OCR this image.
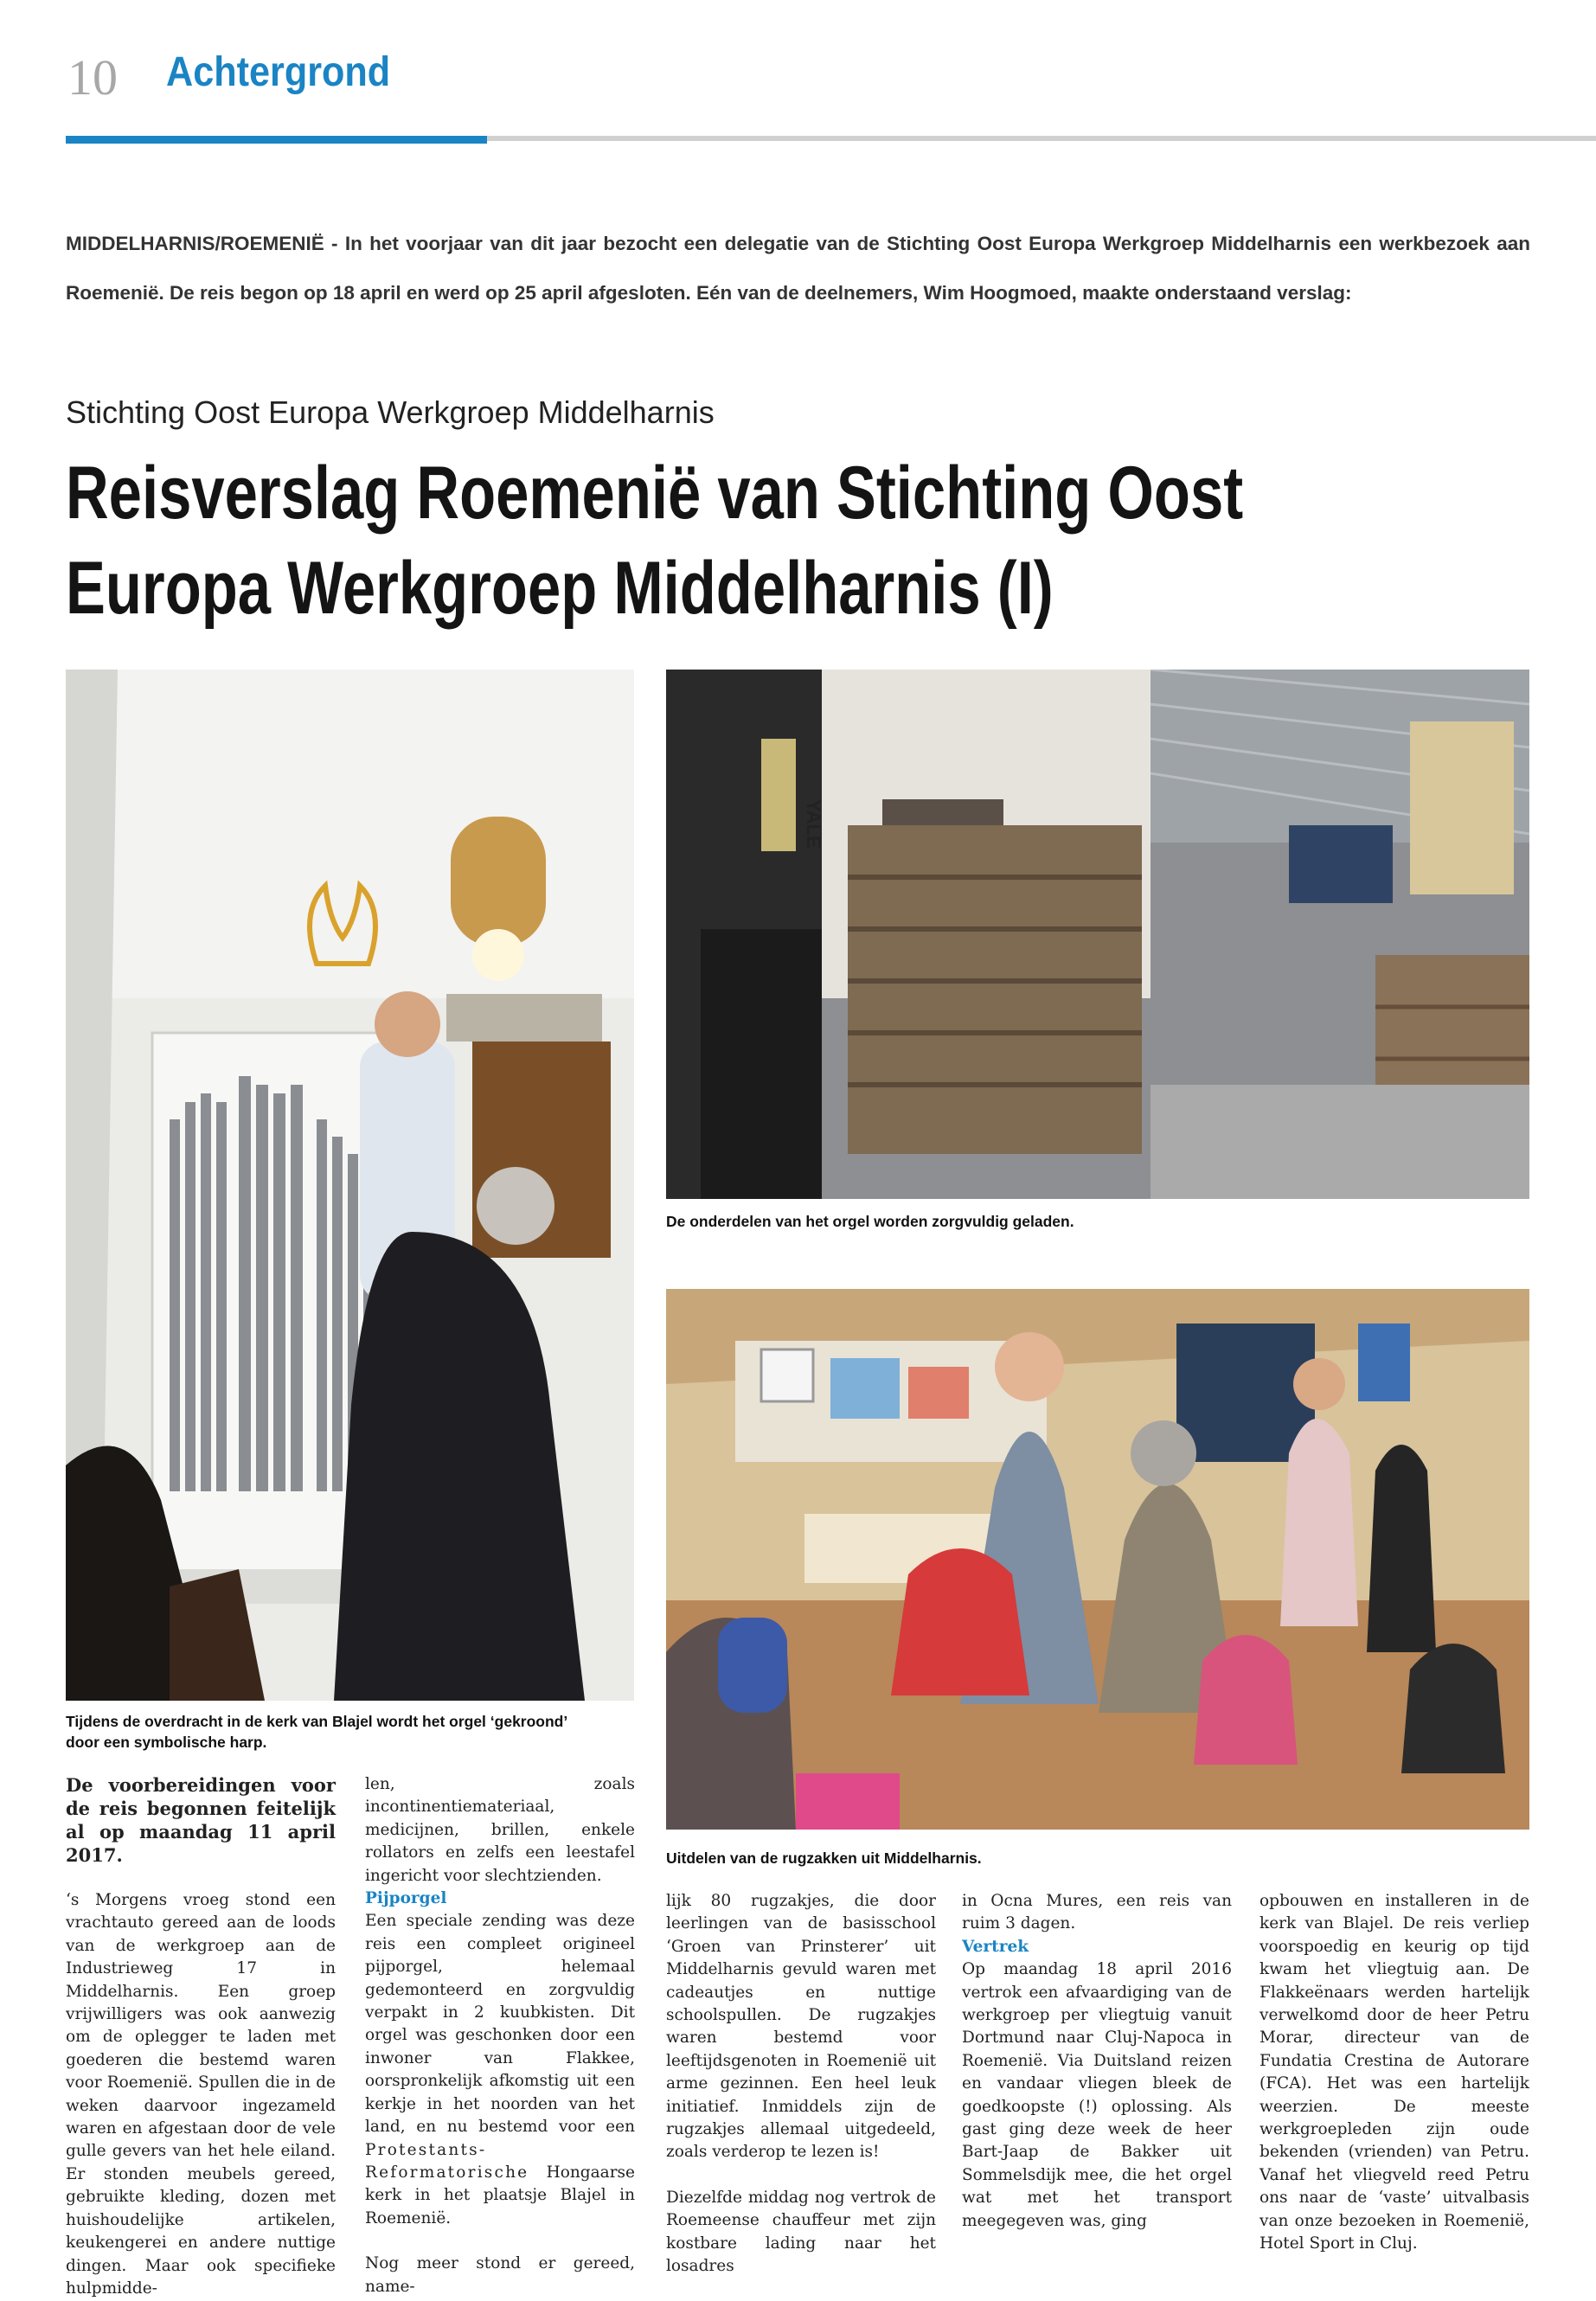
10 Achtergrond
MIDDELHARNIS/ROEMENIË - In het voorjaar van dit jaar bezocht een delegatie van de Stichting Oost Europa Werkgroep Middelharnis een werkbezoek aan Roemenië. De reis begon op 18 april en werd op 25 april afgesloten. Eén van de deelnemers, Wim Hoogmoed, maakte onderstaand verslag:
Stichting Oost Europa Werkgroep Middelharnis
Reisverslag Roemenië van Stichting Oost
Europa Werkgroep Middelharnis (I)
Tijdens de overdracht in de kerk van Blajel wordt het orgel ‘gekroond’
door een symbolische harp.
YALE
De onderdelen van het orgel worden zorgvuldig geladen.
Uitdelen van de rugzakken uit Middelharnis.

De voorbereidingen voor de reis begonnen feitelijk al op maandag 11 april 2017.

‘s Morgens vroeg stond een vrachtauto gereed aan de loods van de werkgroep aan de Industrieweg 17 in Middelharnis. Een groep vrijwilligers was ook aanwezig om de oplegger te laden met goederen die bestemd waren voor Roemenië. Spullen die in de weken daarvoor ingezameld waren en afgestaan door de vele gulle gevers van het hele eiland. Er stonden meubels gereed, gebruikte kleding, dozen met huishoudelijke artikelen, keukengerei en andere nuttige dingen. Maar ook specifieke hulpmidde-

len, zoals incontinentiemateriaal, medicijnen, brillen, enkele rollators en zelfs een leestafel ingericht voor slechtzienden.

Pijporgel

Een speciale zending was deze reis een compleet origineel pijporgel, helemaal gedemonteerd en zorgvuldig verpakt in 2 kuubkisten. Dit orgel was geschonken door een inwoner van Flakkee, oorspronkelijk afkomstig uit een kerkje in het noorden van het land, en nu bestemd voor een Protestants-Reformatorische Hongaarse kerk in het plaatsje Blajel in Roemenië.

Nog meer stond er gereed, name-

lijk 80 rugzakjes, die door leerlingen van de basisschool ‘Groen van Prinsterer’ uit Middelharnis gevuld waren met cadeautjes en nuttige schoolspullen. De rugzakjes waren bestemd voor leeftijdsgenoten in Roemenië uit arme gezinnen. Een heel leuk initiatief. Inmiddels zijn de rugzakjes allemaal uitgedeeld, zoals verderop te lezen is!

Diezelfde middag nog vertrok de Roemeense chauffeur met zijn kostbare lading naar het losadres

in Ocna Mures, een reis van ruim 3 dagen.

Vertrek

Op maandag 18 april 2016 vertrok een afvaardiging van de werkgroep per vliegtuig vanuit Dortmund naar Cluj-Napoca in Roemenië. Via Duitsland reizen en vandaar vliegen bleek de goedkoopste (!) oplossing. Als gast ging deze week de heer Bart-Jaap de Bakker uit Sommelsdijk mee, die het orgel wat met het transport meegegeven was, ging

opbouwen en installeren in de kerk van Blajel. De reis verliep voorspoedig en keurig op tijd kwam het vliegtuig aan. De Flakkeënaars werden hartelijk verwelkomd door de heer Petru Morar, directeur van de Fundatia Crestina de Autorare (FCA). Het was een hartelijk weerzien. De meeste werkgroepleden zijn oude bekenden (vrienden) van Petru. Vanaf het vliegveld reed Petru ons naar de ‘vaste’ uitvalbasis van onze bezoeken in Roemenië, Hotel Sport in Cluj.
